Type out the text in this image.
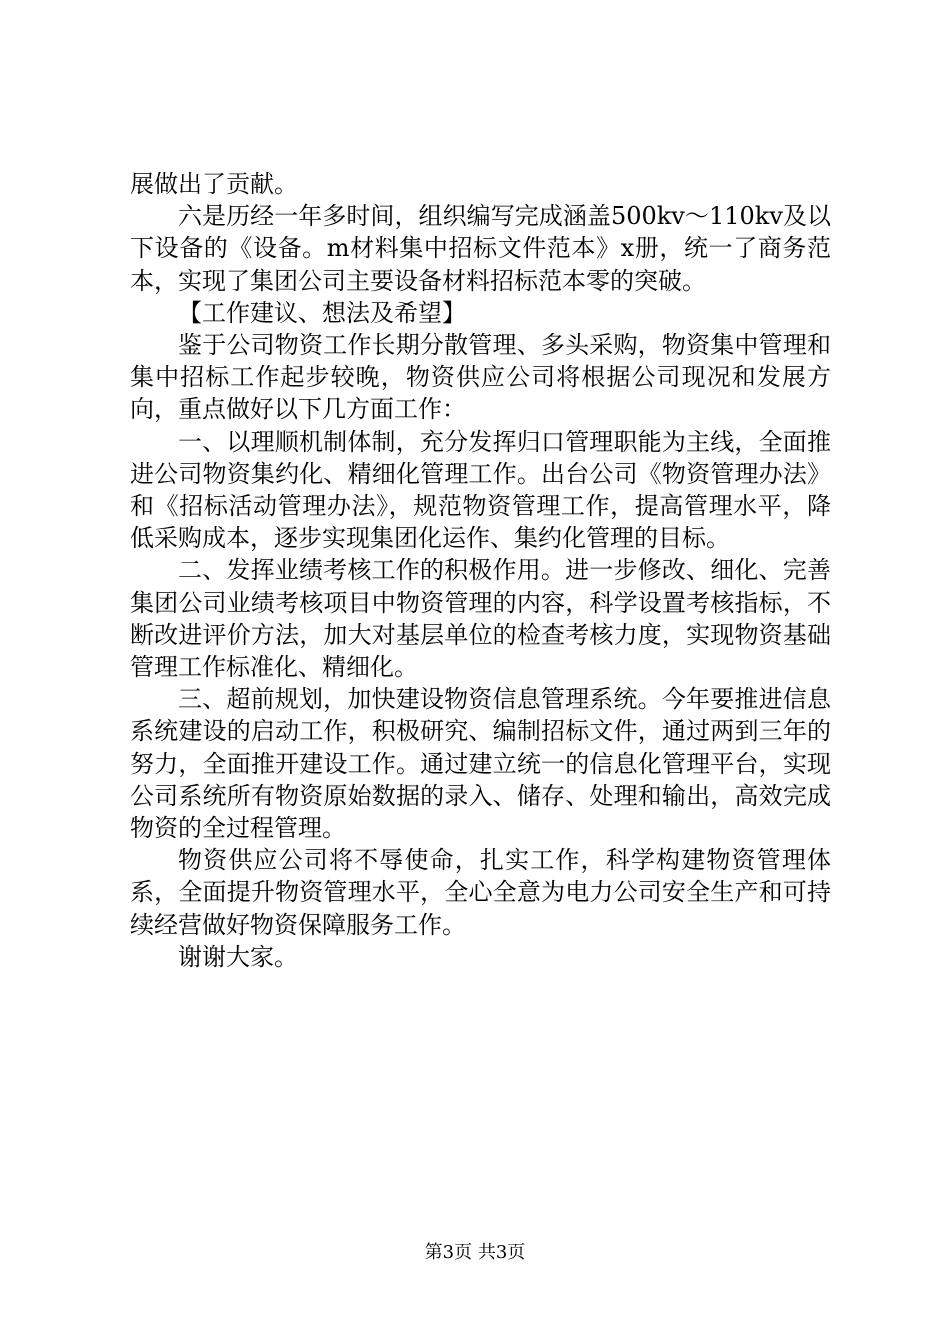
展做出了贡献。

六是历经一年多时间，组织编写完成涵盖500kv～110kv及以下设备的《设备。m材料集中招标文件范本》x册，统一了商务范本，实现了集团公司主要设备材料招标范本零的突破。

【工作建议、想法及希望】

鉴于公司物资工作长期分散管理、多头采购，物资集中管理和集中招标工作起步较晚，物资供应公司将根据公司现况和发展方向，重点做好以下几方面工作：

一、以理顺机制体制，充分发挥归口管理职能为主线，全面推进公司物资集约化、精细化管理工作。出台公司《物资管理办法》和《招标活动管理办法》，规范物资管理工作，提高管理水平，降低采购成本，逐步实现集团化运作、集约化管理的目标。

二、发挥业绩考核工作的积极作用。进一步修改、细化、完善集团公司业绩考核项目中物资管理的内容，科学设置考核指标，不断改进评价方法，加大对基层单位的检查考核力度，实现物资基础管理工作标准化、精细化。

三、超前规划，加快建设物资信息管理系统。今年要推进信息系统建设的启动工作，积极研究、编制招标文件，通过两到三年的努力，全面推开建设工作。通过建立统一的信息化管理平台，实现公司系统所有物资原始数据的录入、储存、处理和输出，高效完成物资的全过程管理。

物资供应公司将不辱使命，扎实工作，科学构建物资管理体系，全面提升物资管理水平，全心全意为电力公司安全生产和可持续经营做好物资保障服务工作。

谢谢大家。

第3页 共3页
